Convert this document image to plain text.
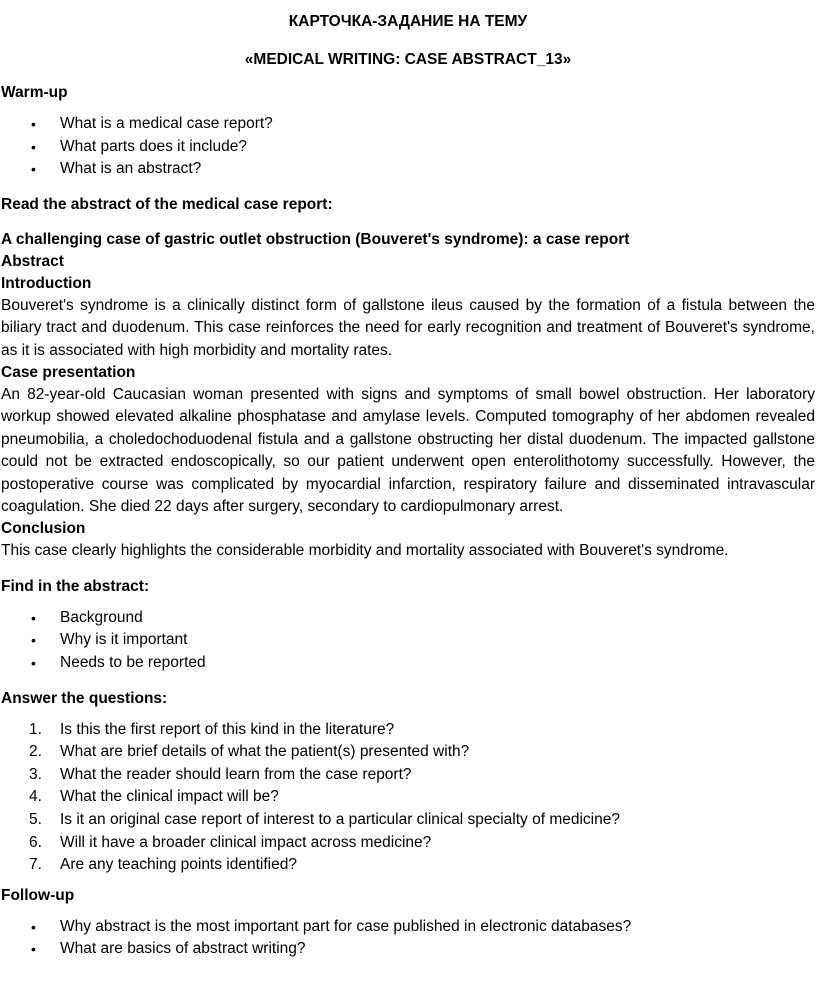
КАРТОЧКА-ЗАДАНИЕ НА ТЕМУ

«MEDICAL WRITING: CASE ABSTRACT_13»

Warm-up

• What is a medical case report?
• What parts does it include?
• What is an abstract?

Read the abstract of the medical case report:

A challenging case of gastric outlet obstruction (Bouveret's syndrome): a case report

Abstract

Introduction

Bouveret's syndrome is a clinically distinct form of gallstone ileus caused by the formation of a fistula between the biliary tract and duodenum. This case reinforces the need for early recognition and treatment of Bouveret's syndrome, as it is associated with high morbidity and mortality rates.

Case presentation

An 82-year-old Caucasian woman presented with signs and symptoms of small bowel obstruction. Her laboratory workup showed elevated alkaline phosphatase and amylase levels. Computed tomography of her abdomen revealed pneumobilia, a choledochoduodenal fistula and a gallstone obstructing her distal duodenum. The impacted gallstone could not be extracted endoscopically, so our patient underwent open enterolithotomy successfully. However, the postoperative course was complicated by myocardial infarction, respiratory failure and disseminated intravascular coagulation. She died 22 days after surgery, secondary to cardiopulmonary arrest.

Conclusion

This case clearly highlights the considerable morbidity and mortality associated with Bouveret's syndrome.

Find in the abstract:

• Background
• Why is it important
• Needs to be reported

Answer the questions:

1.	Is this the first report of this kind in the literature?
2.	What are brief details of what the patient(s) presented with?
3.	What the reader should learn from the case report?
4.	What the clinical impact will be?
5.	Is it an original case report of interest to a particular clinical specialty of medicine?
6.	Will it have a broader clinical impact across medicine?
7.	Are any teaching points identified?

Follow-up

• Why abstract is the most important part for case published in electronic databases?
• What are basics of abstract writing?
